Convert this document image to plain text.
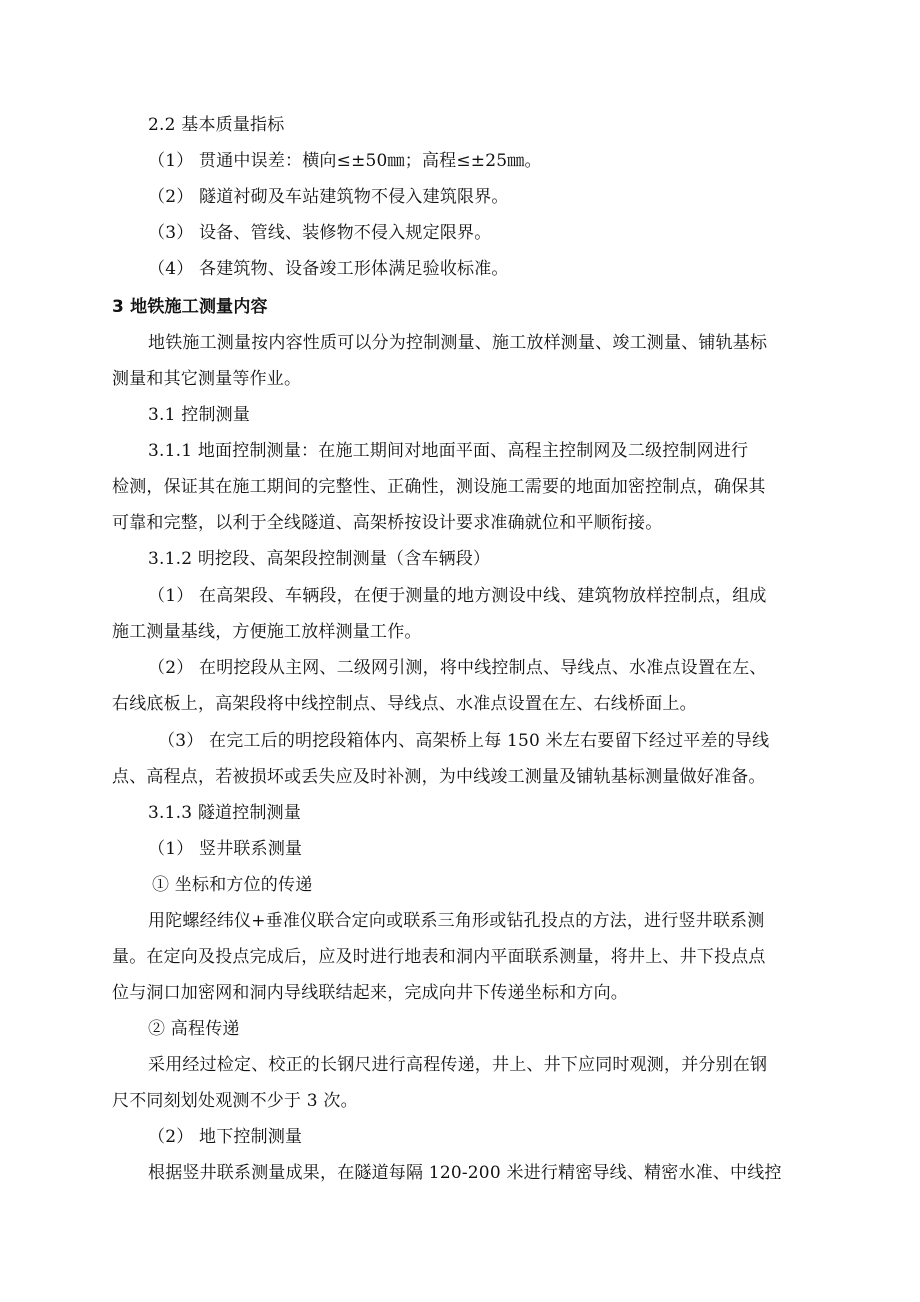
2.2 基本质量指标
（1） 贯通中误差：横向≤±50㎜；高程≤±25㎜。
（2） 隧道衬砌及车站建筑物不侵入建筑限界。
（3） 设备、管线、装修物不侵入规定限界。
（4） 各建筑物、设备竣工形体满足验收标准。
3 地铁施工测量内容
地铁施工测量按内容性质可以分为控制测量、施工放样测量、竣工测量、铺轨基标
测量和其它测量等作业。
3.1 控制测量
3.1.1 地面控制测量：在施工期间对地面平面、高程主控制网及二级控制网进行
检测，保证其在施工期间的完整性、正确性，测设施工需要的地面加密控制点，确保其
可靠和完整，以利于全线隧道、高架桥按设计要求准确就位和平顺衔接。
3.1.2 明挖段、高架段控制测量（含车辆段）
（1） 在高架段、车辆段，在便于测量的地方测设中线、建筑物放样控制点，组成
施工测量基线，方便施工放样测量工作。
（2） 在明挖段从主网、二级网引测，将中线控制点、导线点、水准点设置在左、
右线底板上，高架段将中线控制点、导线点、水准点设置在左、右线桥面上。
（3） 在完工后的明挖段箱体内、高架桥上每 150 米左右要留下经过平差的导线
点、高程点，若被损坏或丢失应及时补测，为中线竣工测量及铺轨基标测量做好准备。
3.1.3 隧道控制测量
（1） 竖井联系测量
① 坐标和方位的传递
用陀螺经纬仪+垂准仪联合定向或联系三角形或钻孔投点的方法，进行竖井联系测
量。在定向及投点完成后，应及时进行地表和洞内平面联系测量，将井上、井下投点点
位与洞口加密网和洞内导线联结起来，完成向井下传递坐标和方向。
② 高程传递
采用经过检定、校正的长钢尺进行高程传递，井上、井下应同时观测，并分别在钢
尺不同刻划处观测不少于 3 次。
（2） 地下控制测量
根据竖井联系测量成果，在隧道每隔 120-200 米进行精密导线、精密水准、中线控
